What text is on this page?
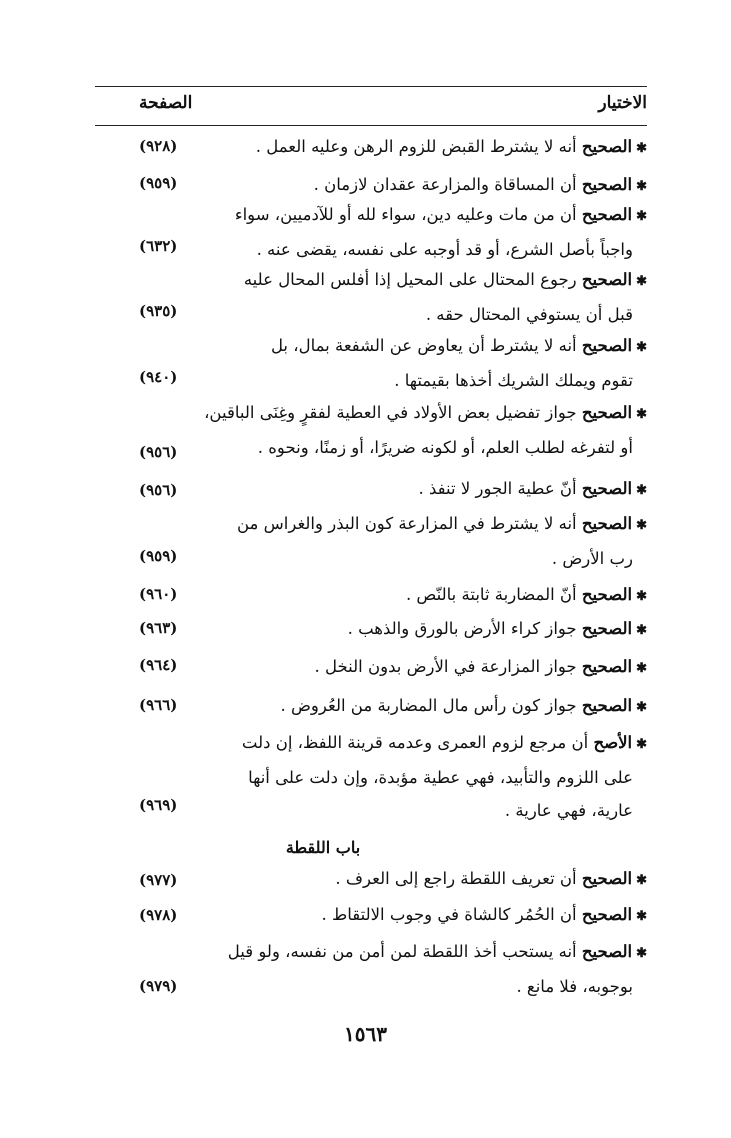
الاختيار
الصفحة
✱الصحيح أنه لا يشترط القبض للزوم الرهن وعليه العمل .
(٩٢٨)
✱الصحيح أن المساقاة والمزارعة عقدان لازمان .
(٩٥٩)
✱الصحيح أن من مات وعليه دين، سواء لله أو للآدميين، سواء
واجباً بأصل الشرع، أو قد أوجبه على نفسه، يقضى عنه .
(٦٣٢)
✱الصحيح رجوع المحتال على المحيل إذا أفلس المحال عليه
قبل أن يستوفي المحتال حقه .
(٩٣٥)
✱الصحيح أنه لا يشترط أن يعاوض عن الشفعة بمال، بل
تقوم ويملك الشريك أخذها بقيمتها .
(٩٤٠)
✱الصحيح جواز تفضيل بعض الأولاد في العطية لفقرٍ وغِنَى الباقين،
أو لتفرغه لطلب العلم، أو لكونه ضريرًا، أو زمنًا، ونحوه .
(٩٥٦)
✱الصحيح أنّ عطية الجور لا تنفذ .
(٩٥٦)
✱الصحيح أنه لا يشترط في المزارعة كون البذر والغراس من
رب الأرض .
(٩٥٩)
✱الصحيح أنّ المضاربة ثابتة بالنّص .
(٩٦٠)
✱الصحيح جواز كراء الأرض بالورق والذهب .
(٩٦٣)
✱الصحيح جواز المزارعة في الأرض بدون النخل .
(٩٦٤)
✱الصحيح جواز كون رأس مال المضاربة من العُروض .
(٩٦٦)
✱الأصح أن مرجع لزوم العمرى وعدمه قرينة اللفظ، إن دلت
على اللزوم والتأبيد، فهي عطية مؤبدة، وإن دلت على أنها
عارية، فهي عارية .
(٩٦٩)
باب اللقطة
✱الصحيح أن تعريف اللقطة راجع إلى العرف .
(٩٧٧)
✱الصحيح أن الحُمُر كالشاة في وجوب الالتقاط .
(٩٧٨)
✱الصحيح أنه يستحب أخذ اللقطة لمن أمن من نفسه، ولو قيل
بوجوبه، فلا مانع .
(٩٧٩)
١٥٦٣
